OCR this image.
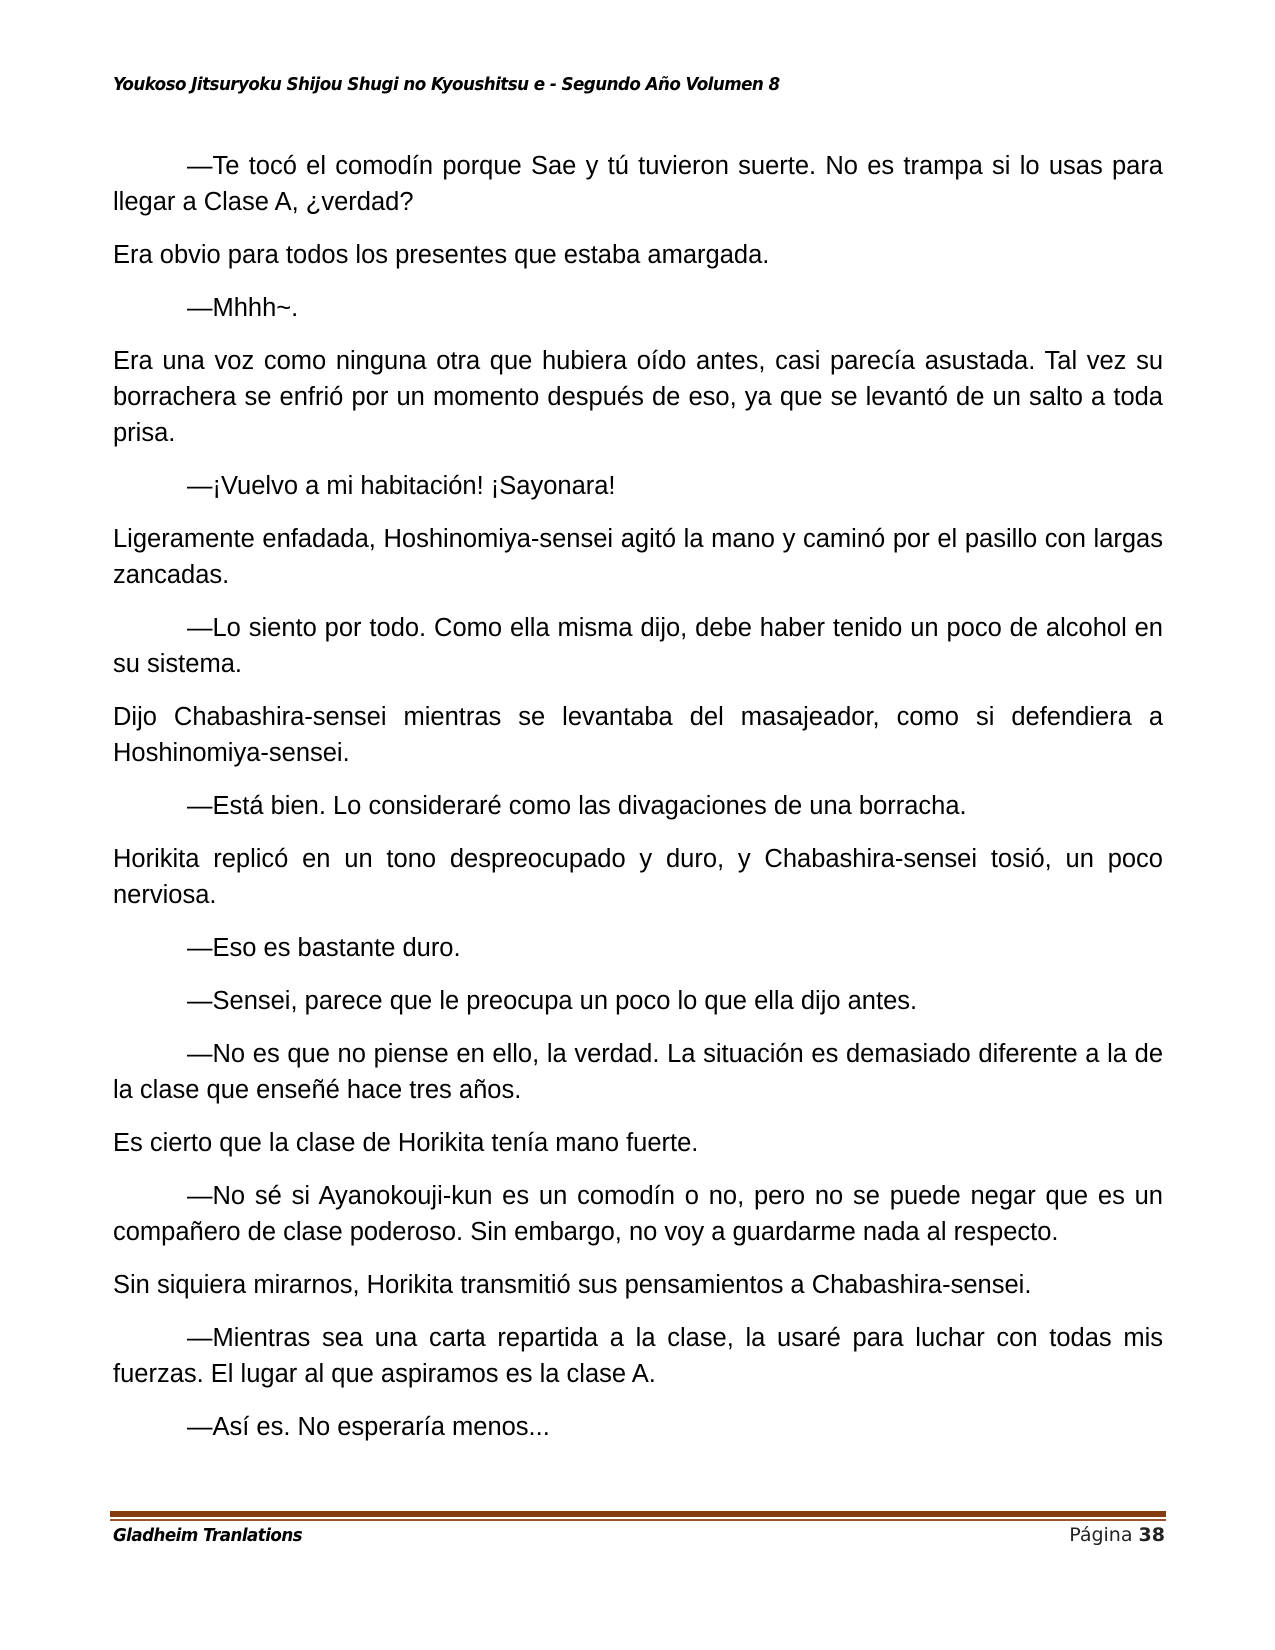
Youkoso Jitsuryoku Shijou Shugi no Kyoushitsu e - Segundo Año Volumen 8

—Te tocó el comodín porque Sae y tú tuvieron suerte. No es trampa si lo usas para llegar a Clase A, ¿verdad?

Era obvio para todos los presentes que estaba amargada.

—Mhhh~.

Era una voz como ninguna otra que hubiera oído antes, casi parecía asustada. Tal vez su borrachera se enfrió por un momento después de eso, ya que se levantó de un salto a toda prisa.

—¡Vuelvo a mi habitación! ¡Sayonara!

Ligeramente enfadada, Hoshinomiya-sensei agitó la mano y caminó por el pasillo con largas zancadas.

—Lo siento por todo. Como ella misma dijo, debe haber tenido un poco de alcohol en su sistema.

Dijo Chabashira-sensei mientras se levantaba del masajeador, como si defendiera a Hoshinomiya-sensei.

—Está bien. Lo consideraré como las divagaciones de una borracha.

Horikita replicó en un tono despreocupado y duro, y Chabashira-sensei tosió, un poco nerviosa.

—Eso es bastante duro.

—Sensei, parece que le preocupa un poco lo que ella dijo antes.

—No es que no piense en ello, la verdad. La situación es demasiado diferente a la de la clase que enseñé hace tres años.

Es cierto que la clase de Horikita tenía mano fuerte.

—No sé si Ayanokouji-kun es un comodín o no, pero no se puede negar que es un compañero de clase poderoso. Sin embargo, no voy a guardarme nada al respecto.

Sin siquiera mirarnos, Horikita transmitió sus pensamientos a Chabashira-sensei.

—Mientras sea una carta repartida a la clase, la usaré para luchar con todas mis fuerzas. El lugar al que aspiramos es la clase A.

—Así es. No esperaría menos...

Gladheim Tranlations	Página 38
